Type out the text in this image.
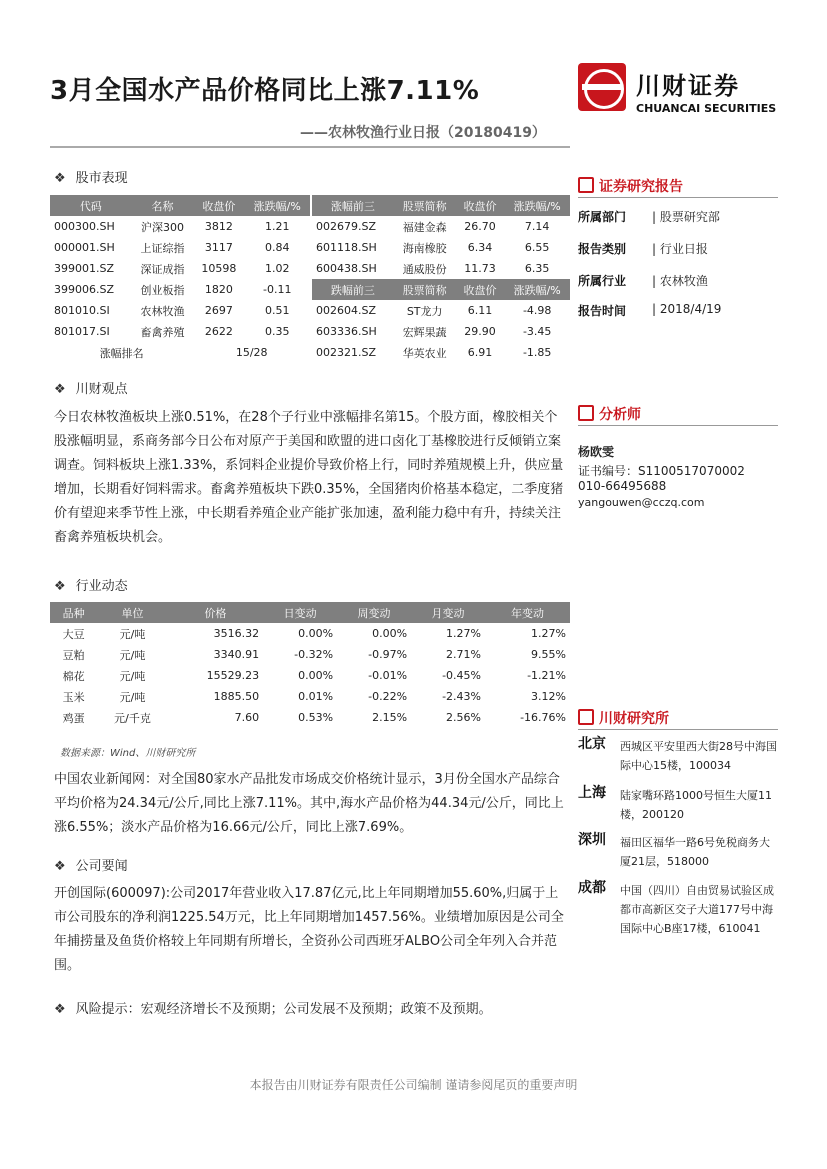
3月全国水产品价格同比上涨7.11%
——农林牧渔行业日报（20180419）
川财证券
CHUANCAI SECURITIES
❖ 股市表现
代码	名称	收盘价	涨跌幅/%
000300.SH	沪深300	3812	1.21
000001.SH	上证综指	3117	0.84
399001.SZ	深证成指	10598	1.02
399006.SZ	创业板指	1820	-0.11
801010.SI	农林牧渔	2697	0.51
801017.SI	畜禽养殖	2622	0.35
涨幅排名		15/28	
涨幅前三	股票简称	收盘价	涨跌幅/%
002679.SZ	福建金森	26.70	7.14
601118.SH	海南橡胶	6.34	6.55
600438.SH	通威股份	11.73	6.35
跌幅前三	股票简称	收盘价	涨跌幅/%
002604.SZ	ST龙力	6.11	-4.98
603336.SH	宏辉果蔬	29.90	-3.45
002321.SZ	华英农业	6.91	-1.85
❖ 川财观点
今日农林牧渔板块上涨0.51%，在28个子行业中涨幅排名第15。个股方面，橡胶相关个股涨幅明显，系商务部今日公布对原产于美国和欧盟的进口卤化丁基橡胶进行反倾销立案调查。饲料板块上涨1.33%，系饲料企业提价导致价格上行，同时养殖规模上升，供应量增加，长期看好饲料需求。畜禽养殖板块下跌0.35%，全国猪肉价格基本稳定，二季度猪价有望迎来季节性上涨，中长期看养殖企业产能扩张加速，盈利能力稳中有升，持续关注畜禽养殖板块机会。
❖ 行业动态
品种	单位	价格	日变动	周变动	月变动	年变动
大豆	元/吨	3516.32	0.00%	0.00%	1.27%	1.27%
豆粕	元/吨	3340.91	-0.32%	-0.97%	2.71%	9.55%
棉花	元/吨	15529.23	0.00%	-0.01%	-0.45%	-1.21%
玉米	元/吨	1885.50	0.01%	-0.22%	-2.43%	3.12%
鸡蛋	元/千克	7.60	0.53%	2.15%	2.56%	-16.76%
数据来源：Wind、川财研究所
中国农业新闻网：对全国80家水产品批发市场成交价格统计显示，3月份全国水产品综合平均价格为24.34元/公斤,同比上涨7.11%。其中,海水产品价格为44.34元/公斤，同比上涨6.55%；淡水产品价格为16.66元/公斤，同比上涨7.69%。
❖ 公司要闻
开创国际(600097):公司2017年营业收入17.87亿元,比上年同期增加55.60%,归属于上市公司股东的净利润1225.54万元，比上年同期增加1457.56%。业绩增加原因是公司全年捕捞量及鱼货价格较上年同期有所增长，全资孙公司西班牙ALBO公司全年列入合并范围。
❖ 风险提示：宏观经济增长不及预期；公司发展不及预期；政策不及预期。
证券研究报告
所属部门 | 股票研究部
报告类别 | 行业日报
所属行业 | 农林牧渔
报告时间 | 2018/4/19
分析师
杨欧雯
证书编号：S1100517070002
010-66495688
yangouwen@cczq.com
川财研究所
北京 西城区平安里西大街28号中海国际中心15楼，100034
上海 陆家嘴环路1000号恒生大厦11楼，200120
深圳 福田区福华一路6号免税商务大厦21层，518000
成都 中国（四川）自由贸易试验区成都市高新区交子大道177号中海国际中心B座17楼，610041
本报告由川财证券有限责任公司编制 谨请参阅尾页的重要声明
